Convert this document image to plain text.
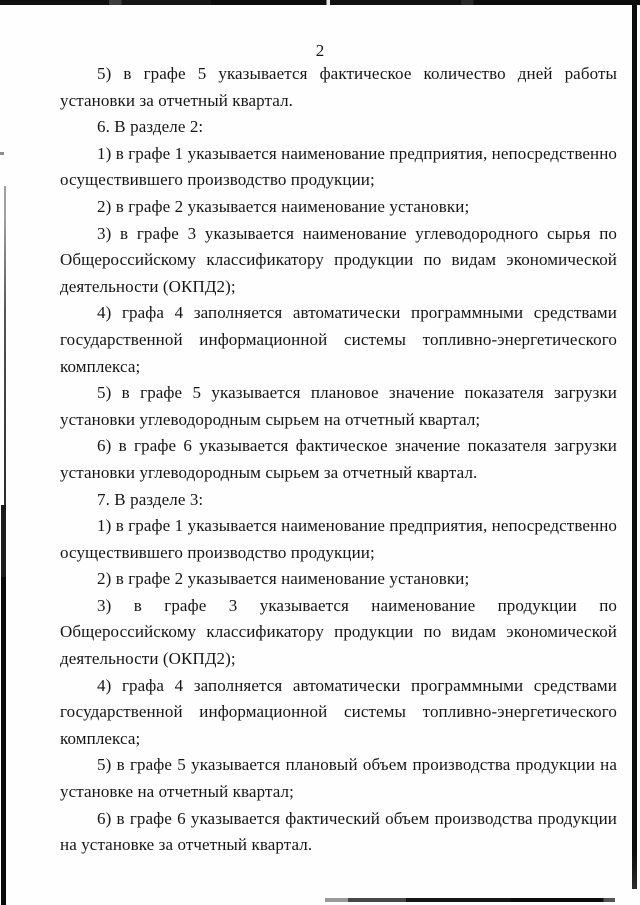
2

5) в графе 5 указывается фактическое количество дней работы установки за отчетный квартал.

6. В разделе 2:

1) в графе 1 указывается наименование предприятия, непосредственно осуществившего производство продукции;

2) в графе 2 указывается наименование установки;

3) в графе 3 указывается наименование углеводородного сырья по Общероссийскому классификатору продукции по видам экономической деятельности (ОКПД2);

4) графа 4 заполняется автоматически программными средствами государственной информационной системы топливно-энергетического комплекса;

5) в графе 5 указывается плановое значение показателя загрузки установки углеводородным сырьем на отчетный квартал;

6) в графе 6 указывается фактическое значение показателя загрузки установки углеводородным сырьем за отчетный квартал.

7. В разделе 3:

1) в графе 1 указывается наименование предприятия, непосредственно осуществившего производство продукции;

2) в графе 2 указывается наименование установки;

3) в графе 3 указывается наименование продукции по Общероссийскому классификатору продукции по видам экономической деятельности (ОКПД2);

4) графа 4 заполняется автоматически программными средствами государственной информационной системы топливно-энергетического комплекса;

5) в графе 5 указывается плановый объем производства продукции на установке на отчетный квартал;

6) в графе 6 указывается фактический объем производства продукции на установке за отчетный квартал.
